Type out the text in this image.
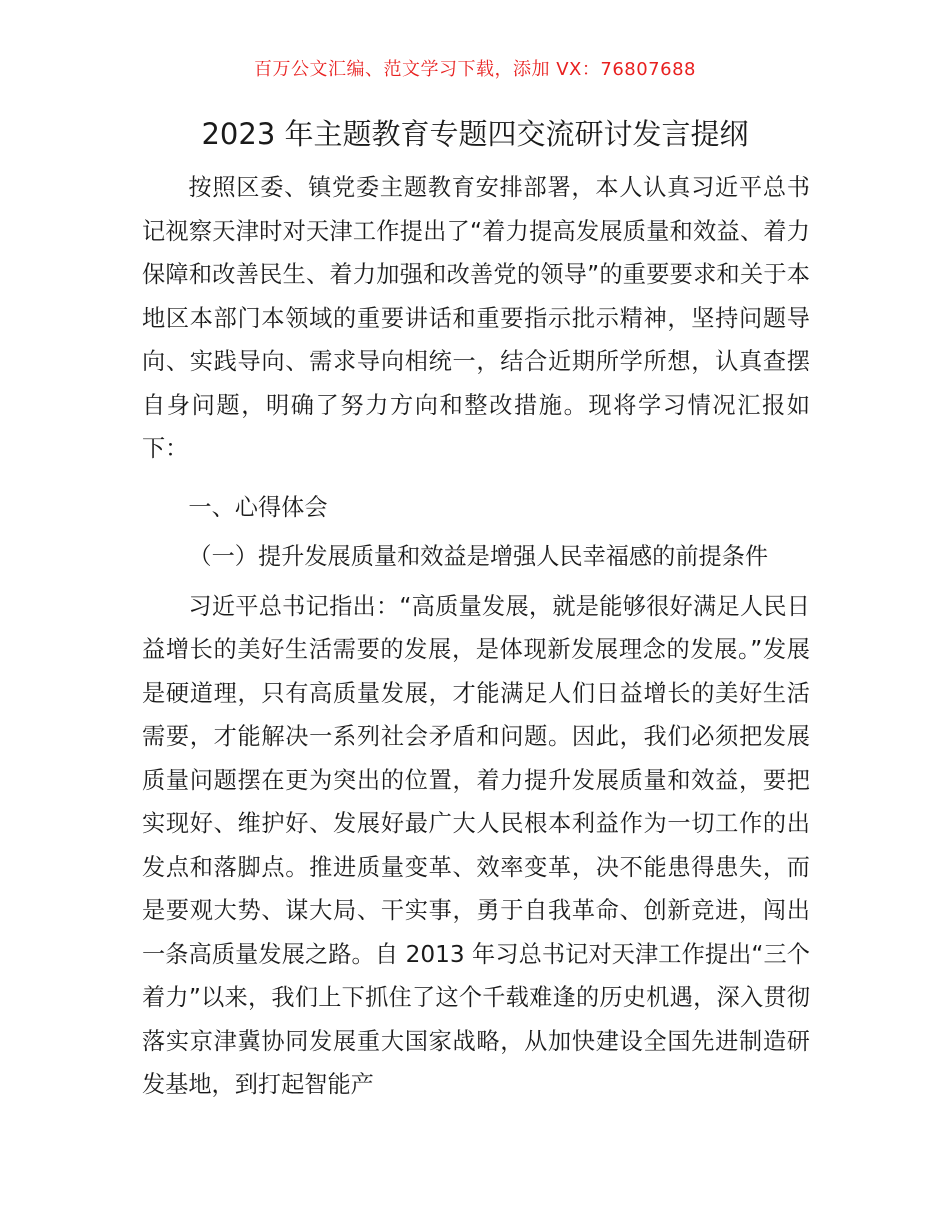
百万公文汇编、范文学习下载，添加 VX：76807688
2023 年主题教育专题四交流研讨发言提纲

按照区委、镇党委主题教育安排部署，本人认真习近平总书记视察天津时对天津工作提出了“着力提高发展质量和效益、着力保障和改善民生、着力加强和改善党的领导”的重要要求和关于本地区本部门本领域的重要讲话和重要指示批示精神，坚持问题导向、实践导向、需求导向相统一，结合近期所学所想，认真查摆自身问题，明确了努力方向和整改措施。现将学习情况汇报如下：

一、心得体会

（一）提升发展质量和效益是增强人民幸福感的前提条件

习近平总书记指出：“高质量发展，就是能够很好满足人民日益增长的美好生活需要的发展，是体现新发展理念的发展。”发展是硬道理，只有高质量发展，才能满足人们日益增长的美好生活需要，才能解决一系列社会矛盾和问题。因此，我们必须把发展质量问题摆在更为突出的位置，着力提升发展质量和效益，要把实现好、维护好、发展好最广大人民根本利益作为一切工作的出发点和落脚点。推进质量变革、效率变革，决不能患得患失，而是要观大势、谋大局、干实事，勇于自我革命、创新竞进，闯出一条高质量发展之路。自 2013 年习总书记对天津工作提出“三个着力”以来，我们上下抓住了这个千载难逢的历史机遇，深入贯彻落实京津冀协同发展重大国家战略，从加快建设全国先进制造研发基地，到打起智能产
